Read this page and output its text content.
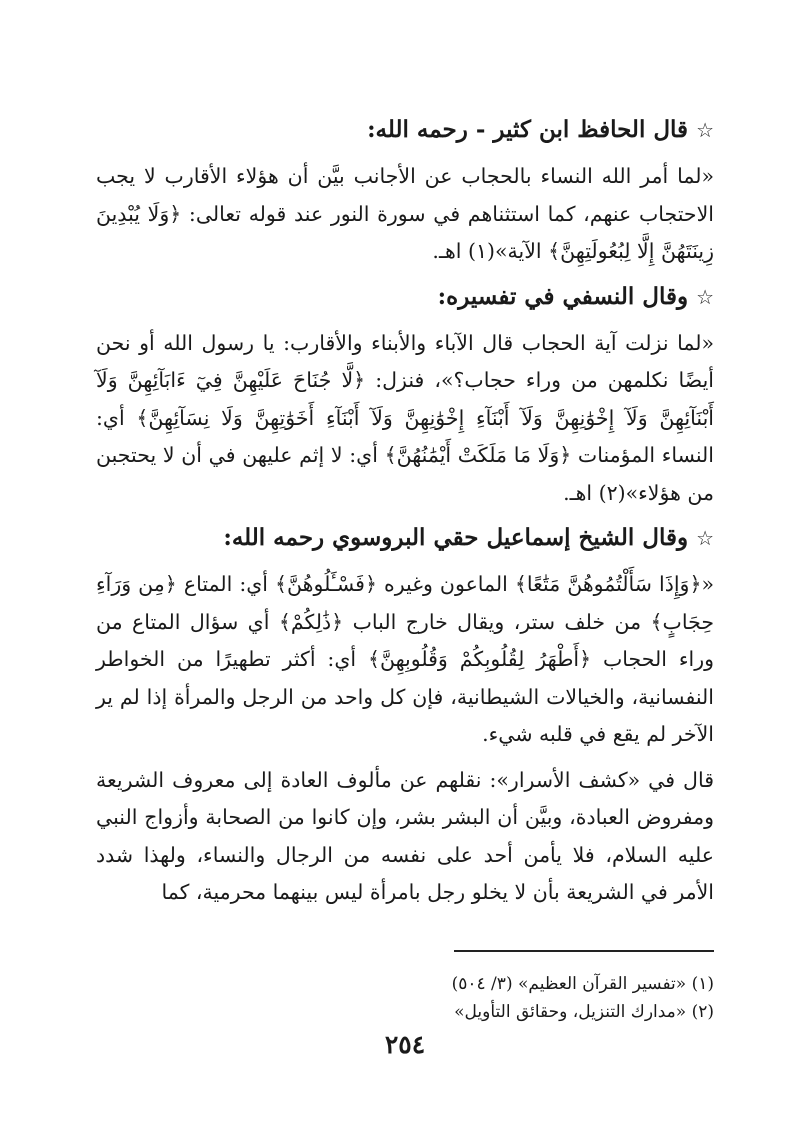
☆قال الحافظ ابن كثير - رحمه الله:

«لما أمر الله النساء بالحجاب عن الأجانب بيَّن أن هؤلاء الأقارب لا يجب الاحتجاب عنهم، كما استثناهم في سورة النور عند قوله تعالى: ﴿وَلَا يُبْدِينَ زِينَتَهُنَّ إِلَّا لِبُعُولَتِهِنَّ﴾ الآية»(١) اهـ.

☆وقال النسفي في تفسيره:

«لما نزلت آية الحجاب قال الآباء والأبناء والأقارب: يا رسول الله أو نحن أيضًا نكلمهن من وراء حجاب؟»، فنزل: ﴿لَّا جُنَاحَ عَلَيْهِنَّ فِيٓ ءَابَآئِهِنَّ وَلَآ أَبْنَآئِهِنَّ وَلَآ إِخْوَٰنِهِنَّ وَلَآ أَبْنَآءِ إِخْوَٰنِهِنَّ وَلَآ أَبْنَآءِ أَخَوَٰتِهِنَّ وَلَا نِسَآئِهِنَّ﴾ أي: النساء المؤمنات ﴿وَلَا مَا مَلَكَتْ أَيْمَٰنُهُنَّ﴾ أي: لا إثم عليهن في أن لا يحتجبن من هؤلاء»(٢) اهـ.

☆وقال الشيخ إسماعيل حقي البروسوي رحمه الله:

«﴿وَإِذَا سَأَلْتُمُوهُنَّ مَتَٰعًا﴾ الماعون وغيره ﴿فَسْـَٔلُوهُنَّ﴾ أي: المتاع ﴿مِن وَرَآءِ حِجَابٍ﴾ من خلف ستر، ويقال خارج الباب ﴿ذَٰلِكُمْ﴾ أي سؤال المتاع من وراء الحجاب ﴿أَطْهَرُ لِقُلُوبِكُمْ وَقُلُوبِهِنَّ﴾ أي: أكثر تطهيرًا من الخواطر النفسانية، والخيالات الشيطانية، فإن كل واحد من الرجل والمرأة إذا لم ير الآخر لم يقع في قلبه شيء.

قال في «كشف الأسرار»: نقلهم عن مألوف العادة إلى معروف الشريعة ومفروض العبادة، وبيَّن أن البشر بشر، وإن كانوا من الصحابة وأزواج النبي عليه السلام، فلا يأمن أحد على نفسه من الرجال والنساء، ولهذا شدد الأمر في الشريعة بأن لا يخلو رجل بامرأة ليس بينهما محرمية، كما

(١) «تفسير القرآن العظيم» (٣/ ٥٠٤)

(٢) «مدارك التنزيل، وحقائق التأويل»

٢٥٤
